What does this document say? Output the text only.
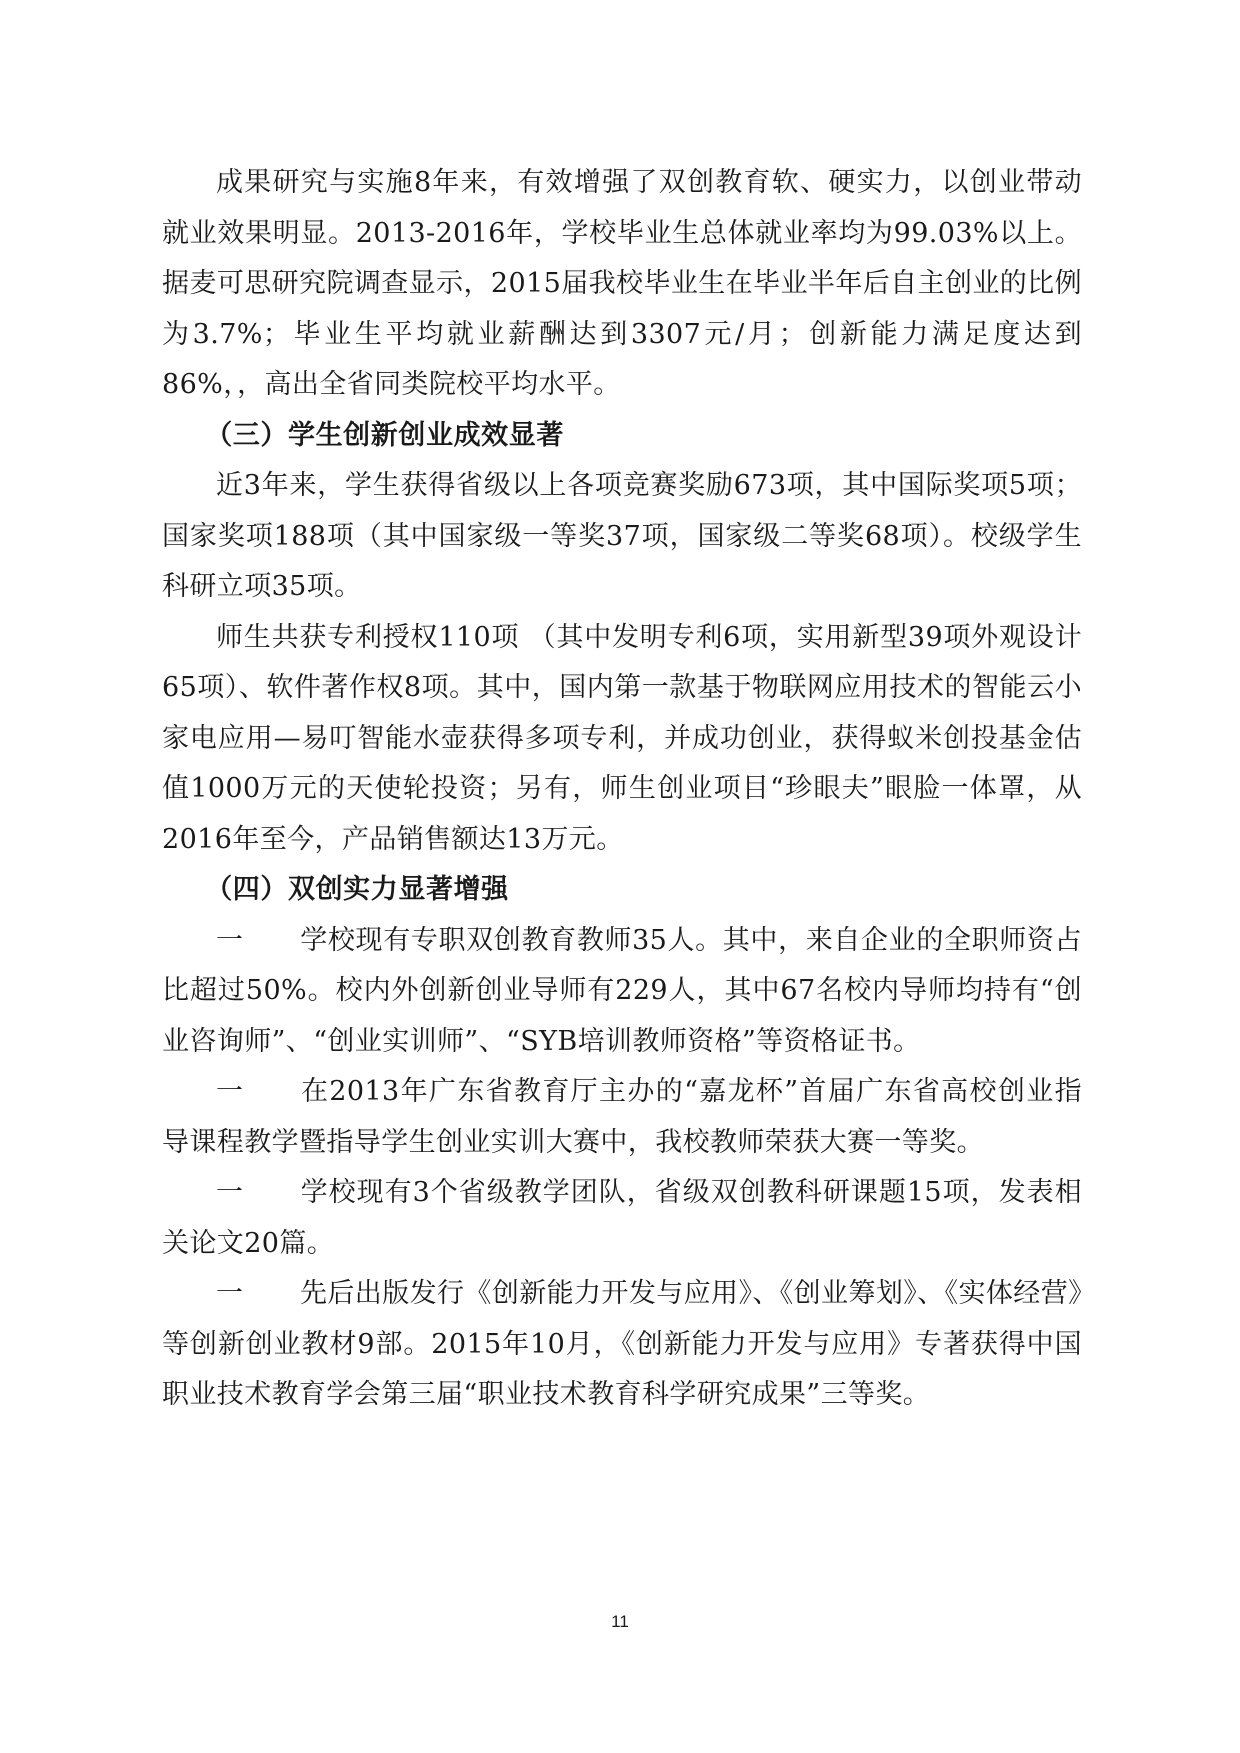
成果研究与实施8年来，有效增强了双创教育软、硬实力，以创业带动就业效果明显。2013-2016年，学校毕业生总体就业率均为99.03%以上。据麦可思研究院调查显示，2015届我校毕业生在毕业半年后自主创业的比例为3.7%；毕业生平均就业薪酬达到3307元/月；创新能力满足度达到86%，，高出全省同类院校平均水平。

（三）学生创新创业成效显著

近3年来，学生获得省级以上各项竞赛奖励673项，其中国际奖项5项；国家奖项188项（其中国家级一等奖37项，国家级二等奖68项）。校级学生科研立项35项。

师生共获专利授权110项 （其中发明专利6项，实用新型39项外观设计65项）、软件著作权8项。其中，国内第一款基于物联网应用技术的智能云小家电应用—易叮智能水壶获得多项专利，并成功创业，获得蚁米创投基金估值1000万元的天使轮投资；另有，师生创业项目“珍眼夫”眼脸一体罩，从2016年至今，产品销售额达13万元。

（四）双创实力显著增强

一 学校现有专职双创教育教师35人。其中，来自企业的全职师资占比超过50%。校内外创新创业导师有229人，其中67名校内导师均持有“创业咨询师”、“创业实训师”、“SYB培训教师资格”等资格证书。

一 在2013年广东省教育厅主办的“嘉龙杯”首届广东省高校创业指导课程教学暨指导学生创业实训大赛中，我校教师荣获大赛一等奖。

一 学校现有3个省级教学团队，省级双创教科研课题15项，发表相关论文20篇。

一 先后出版发行《创新能力开发与应用》、《创业筹划》、《实体经营》等创新创业教材9部。2015年10月，《创新能力开发与应用》专著获得中国职业技术教育学会第三届“职业技术教育科学研究成果”三等奖。

11
